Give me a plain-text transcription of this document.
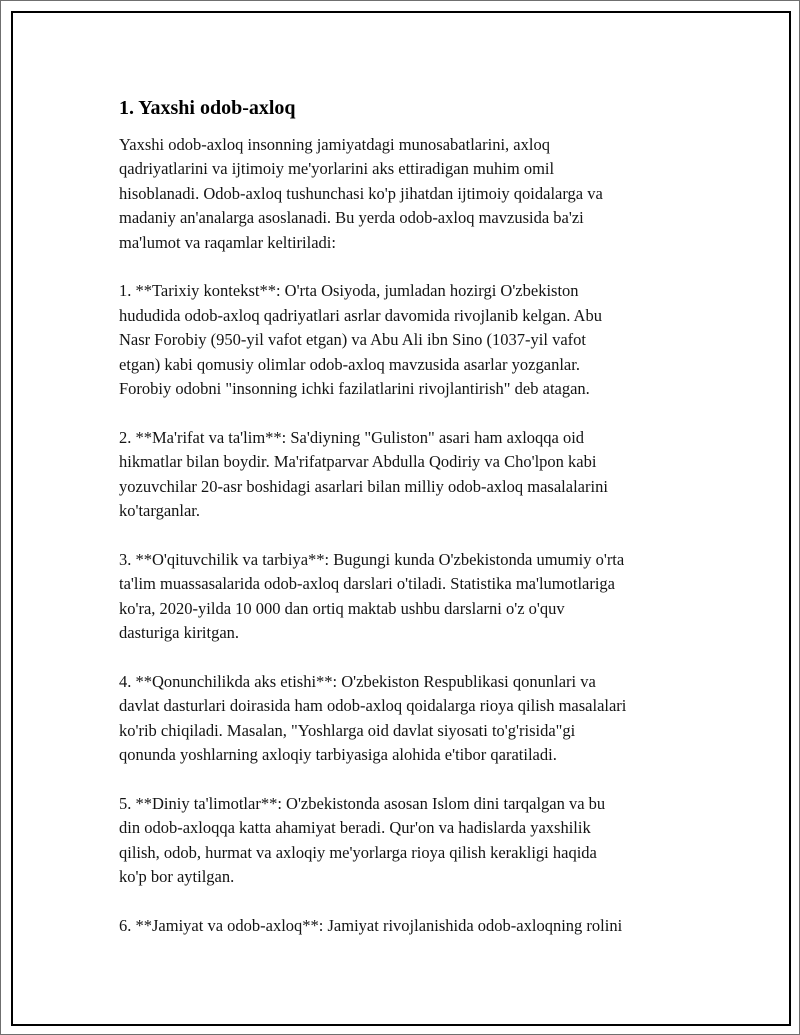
1. Yaxshi odob-axloq

Yaxshi odob-axloq insonning jamiyatdagi munosabatlarini, axloq
qadriyatlarini va ijtimoiy me'yorlarini aks ettiradigan muhim omil
hisoblanadi. Odob-axloq tushunchasi ko'p jihatdan ijtimoiy qoidalarga va
madaniy an'analarga asoslanadi. Bu yerda odob-axloq mavzusida ba'zi
ma'lumot va raqamlar keltiriladi:

1. **Tarixiy kontekst**: O'rta Osiyoda, jumladan hozirgi O'zbekiston
hududida odob-axloq qadriyatlari asrlar davomida rivojlanib kelgan. Abu
Nasr Forobiy (950-yil vafot etgan) va Abu Ali ibn Sino (1037-yil vafot
etgan) kabi qomusiy olimlar odob-axloq mavzusida asarlar yozganlar.
Forobiy odobni "insonning ichki fazilatlarini rivojlantirish" deb atagan.

2. **Ma'rifat va ta'lim**: Sa'diyning "Guliston" asari ham axloqqa oid
hikmatlar bilan boydir. Ma'rifatparvar Abdulla Qodiriy va Cho'lpon kabi
yozuvchilar 20-asr boshidagi asarlari bilan milliy odob-axloq masalalarini
ko'targanlar.

3. **O'qituvchilik va tarbiya**: Bugungi kunda O'zbekistonda umumiy o'rta
ta'lim muassasalarida odob-axloq darslari o'tiladi. Statistika ma'lumotlariga
ko'ra, 2020-yilda 10 000 dan ortiq maktab ushbu darslarni o'z o'quv
dasturiga kiritgan.

4. **Qonunchilikda aks etishi**: O'zbekiston Respublikasi qonunlari va
davlat dasturlari doirasida ham odob-axloq qoidalarga rioya qilish masalalari
ko'rib chiqiladi. Masalan, "Yoshlarga oid davlat siyosati to'g'risida"gi
qonunda yoshlarning axloqiy tarbiyasiga alohida e'tibor qaratiladi.

5. **Diniy ta'limotlar**: O'zbekistonda asosan Islom dini tarqalgan va bu
din odob-axloqqa katta ahamiyat beradi. Qur'on va hadislarda yaxshilik
qilish, odob, hurmat va axloqiy me'yorlarga rioya qilish kerakligi haqida
ko'p bor aytilgan.

6. **Jamiyat va odob-axloq**: Jamiyat rivojlanishida odob-axloqning rolini
